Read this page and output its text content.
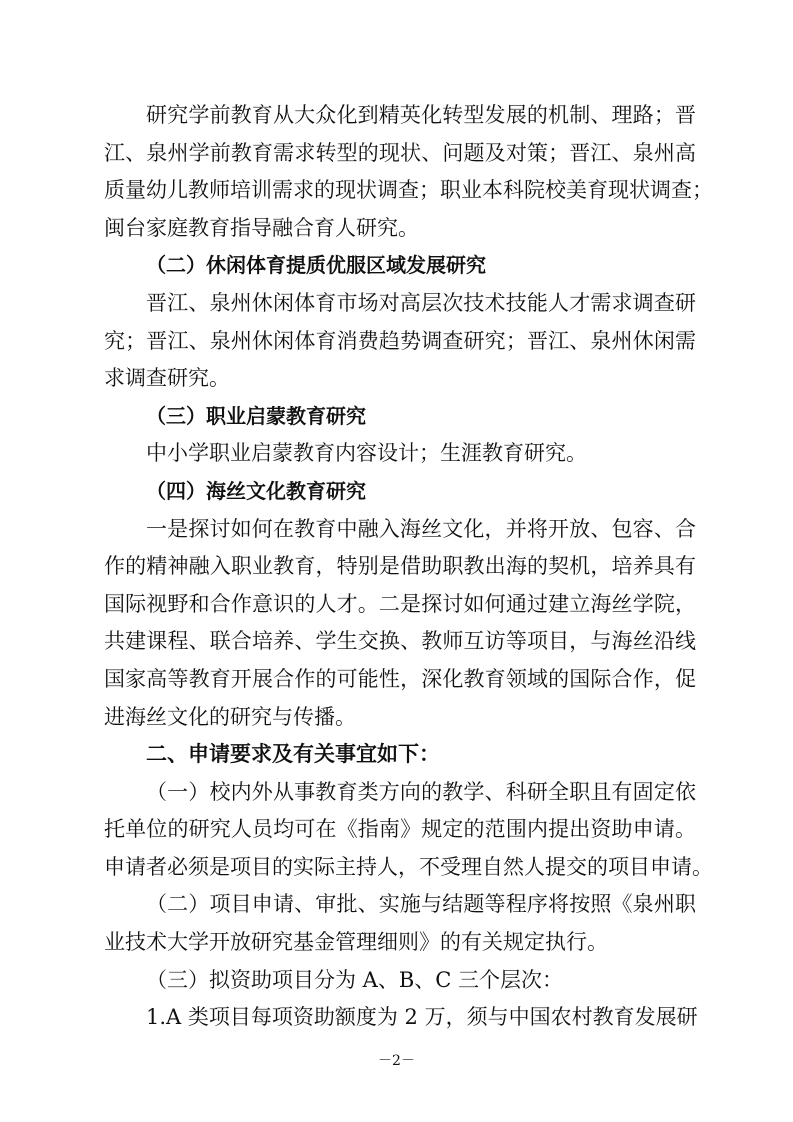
研究学前教育从大众化到精英化转型发展的机制、理路；晋
江、泉州学前教育需求转型的现状、问题及对策；晋江、泉州高
质量幼儿教师培训需求的现状调查；职业本科院校美育现状调查；
闽台家庭教育指导融合育人研究。
（二）休闲体育提质优服区域发展研究
晋江、泉州休闲体育市场对高层次技术技能人才需求调查研
究；晋江、泉州休闲体育消费趋势调查研究；晋江、泉州休闲需
求调查研究。
（三）职业启蒙教育研究
中小学职业启蒙教育内容设计；生涯教育研究。
（四）海丝文化教育研究
一是探讨如何在教育中融入海丝文化，并将开放、包容、合
作的精神融入职业教育，特别是借助职教出海的契机，培养具有
国际视野和合作意识的人才。二是探讨如何通过建立海丝学院，
共建课程、联合培养、学生交换、教师互访等项目，与海丝沿线
国家高等教育开展合作的可能性，深化教育领域的国际合作，促
进海丝文化的研究与传播。
二、申请要求及有关事宜如下：
（一）校内外从事教育类方向的教学、科研全职且有固定依
托单位的研究人员均可在《指南》规定的范围内提出资助申请。
申请者必须是项目的实际主持人，不受理自然人提交的项目申请。
（二）项目申请、审批、实施与结题等程序将按照《泉州职
业技术大学开放研究基金管理细则》的有关规定执行。
（三）拟资助项目分为 A、B、C 三个层次：
1.A 类项目每项资助额度为 2 万，须与中国农村教育发展研
－2－
